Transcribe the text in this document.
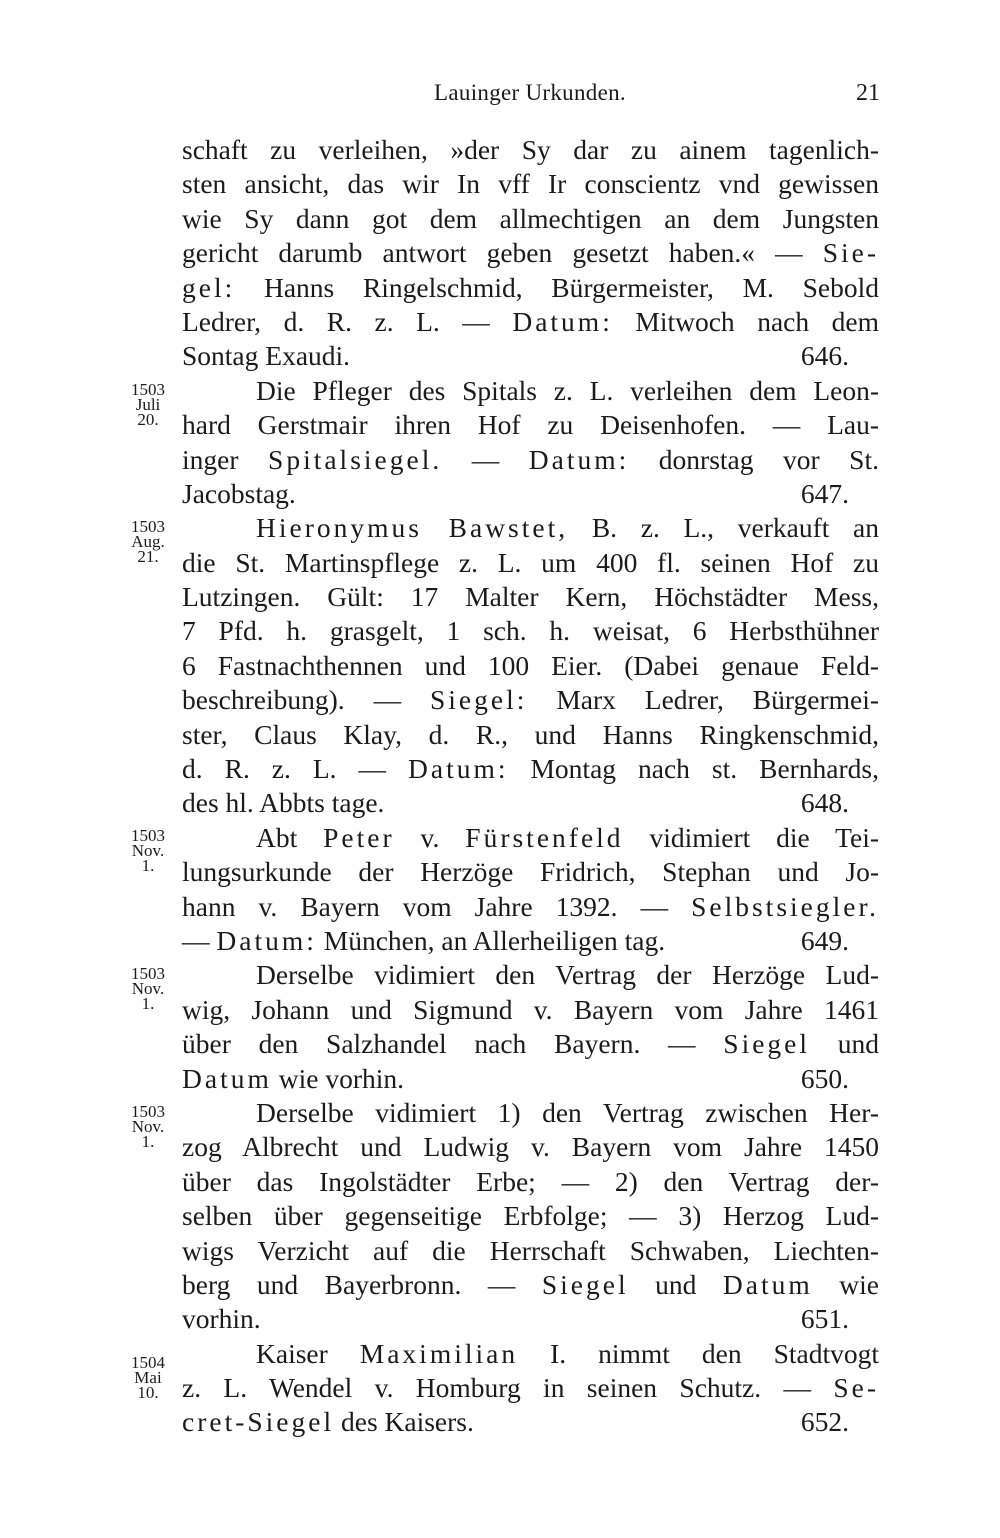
Lauinger Urkunden.	21
1503
Juli
20.
1503
Aug.
21.
1503
Nov.
1.
1503
Nov.
1.
1503
Nov.
1.
1504
Mai
10.
schaft zu verleihen, »der Sy dar zu ainem tagenlich-
sten ansicht, das wir In vff Ir conscientz vnd gewissen
wie Sy dann got dem allmechtigen an dem Jungsten
gericht darumb antwort geben gesetzt haben.« — Sie-
gel: Hanns Ringelschmid, Bürgermeister, M. Sebold
Ledrer, d. R. z. L. — Datum: Mitwoch nach dem
Sontag Exaudi.	646.
Die Pfleger des Spitals z. L. verleihen dem Leon-
hard Gerstmair ihren Hof zu Deisenhofen. — Lau-
inger Spitalsiegel. — Datum: donrstag vor St.
Jacobstag.	647.
Hieronymus Bawstet, B. z. L., verkauft an
die St. Martinspflege z. L. um 400 fl. seinen Hof zu
Lutzingen. Gült: 17 Malter Kern, Höchstädter Mess,
7 Pfd. h. grasgelt, 1 sch. h. weisat, 6 Herbsthühner
6 Fastnachthennen und 100 Eier. (Dabei genaue Feld-
beschreibung). — Siegel: Marx Ledrer, Bürgermei-
ster, Claus Klay, d. R., und Hanns Ringkenschmid,
d. R. z. L. — Datum: Montag nach st. Bernhards,
des hl. Abbts tage.	648.
Abt Peter v. Fürstenfeld vidimiert die Tei-
lungsurkunde der Herzöge Fridrich, Stephan und Jo-
hann v. Bayern vom Jahre 1392. — Selbstsiegler.
— Datum: München, an Allerheiligen tag.	649.
Derselbe vidimiert den Vertrag der Herzöge Lud-
wig, Johann und Sigmund v. Bayern vom Jahre 1461
über den Salzhandel nach Bayern. — Siegel und
Datum wie vorhin.	650.
Derselbe vidimiert 1) den Vertrag zwischen Her-
zog Albrecht und Ludwig v. Bayern vom Jahre 1450
über das Ingolstädter Erbe; — 2) den Vertrag der-
selben über gegenseitige Erbfolge; — 3) Herzog Lud-
wigs Verzicht auf die Herrschaft Schwaben, Liechten-
berg und Bayerbronn. — Siegel und Datum wie
vorhin.	651.
Kaiser Maximilian I. nimmt den Stadtvogt
z. L. Wendel v. Homburg in seinen Schutz. — Se-
cret-Siegel des Kaisers.	652.
